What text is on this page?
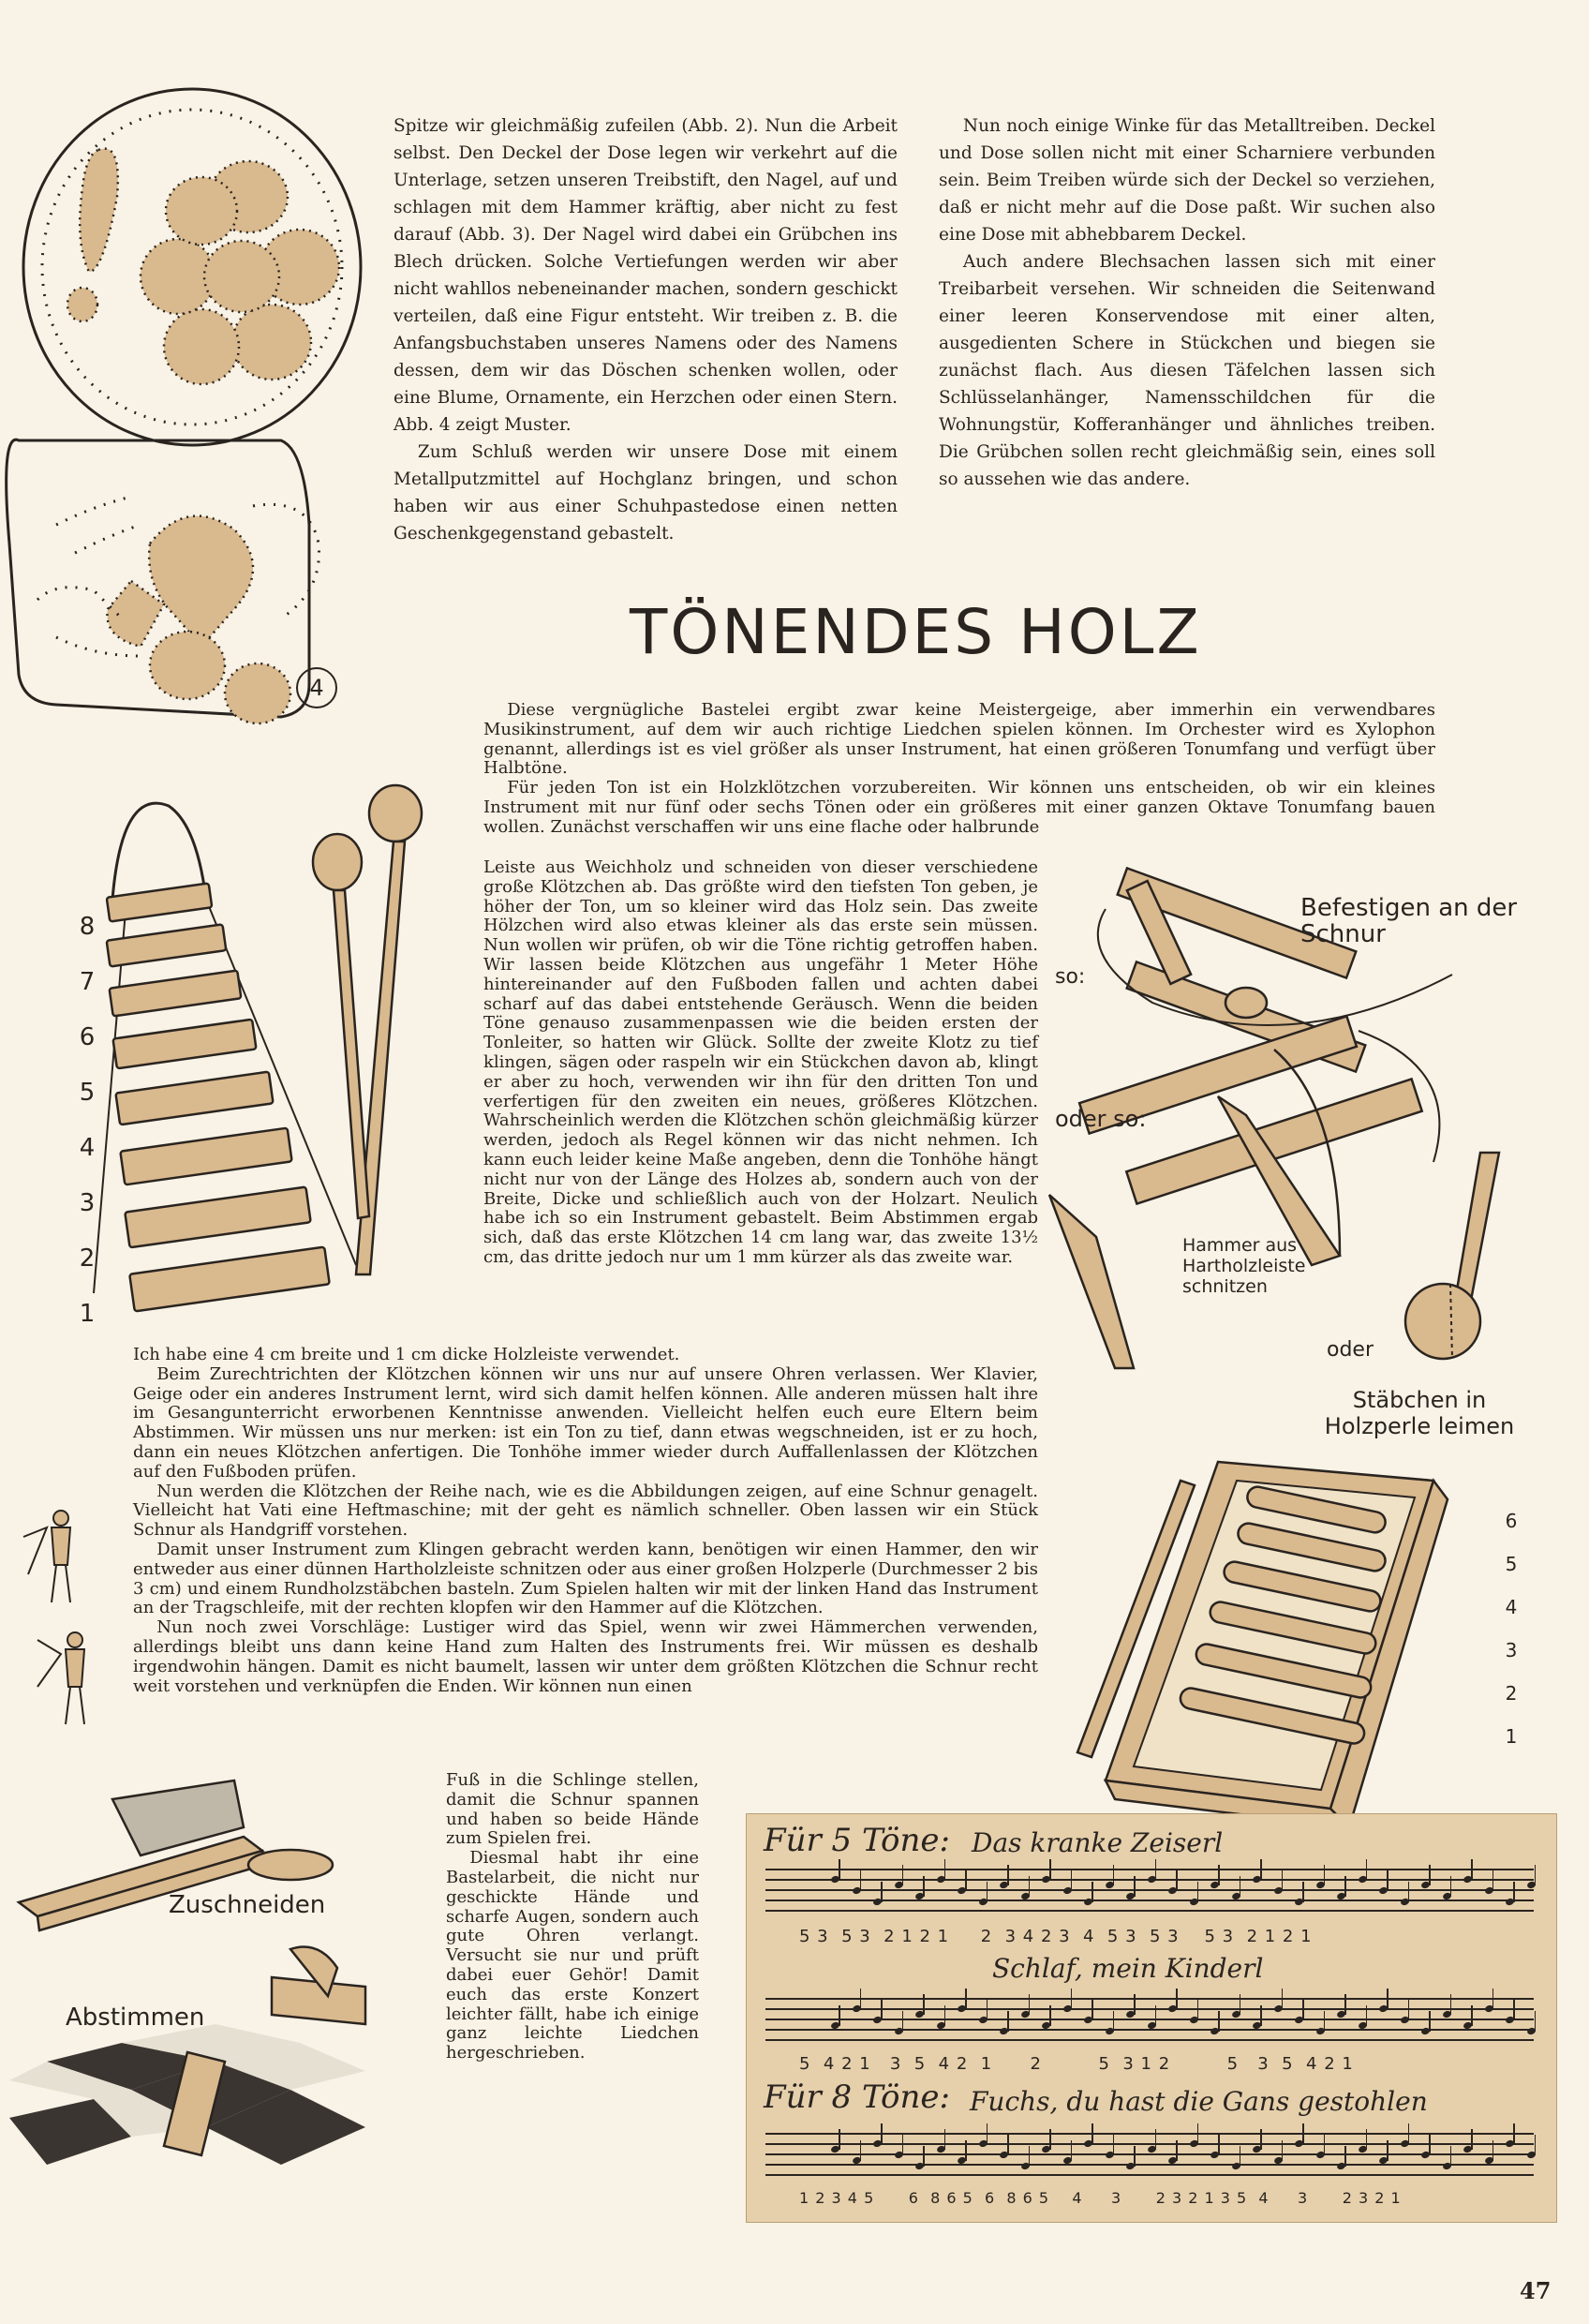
4

Spitze wir gleichmäßig zufeilen (Abb. 2). Nun die Arbeit selbst. Den Deckel der Dose legen wir verkehrt auf die Unterlage, setzen unseren Treibstift, den Nagel, auf und schlagen mit dem Hammer kräftig, aber nicht zu fest darauf (Abb. 3). Der Nagel wird dabei ein Grübchen ins Blech drücken. Solche Vertiefungen werden wir aber nicht wahllos nebeneinander machen, sondern geschickt verteilen, daß eine Figur entsteht. Wir treiben z. B. die Anfangsbuchstaben unseres Namens oder des Namens dessen, dem wir das Döschen schenken wollen, oder eine Blume, Ornamente, ein Herzchen oder einen Stern. Abb. 4 zeigt Muster.

Zum Schluß werden wir unsere Dose mit einem Metallputzmittel auf Hochglanz bringen, und schon haben wir aus einer Schuhpastedose einen netten Geschenkgegenstand gebastelt.

Nun noch einige Winke für das Metalltreiben. Deckel und Dose sollen nicht mit einer Scharniere verbunden sein. Beim Treiben würde sich der Deckel so verziehen, daß er nicht mehr auf die Dose paßt. Wir suchen also eine Dose mit abhebbarem Deckel.

Auch andere Blechsachen lassen sich mit einer Treibarbeit versehen. Wir schneiden die Seitenwand einer leeren Konservendose mit einer alten, ausgedienten Schere in Stückchen und biegen sie zunächst flach. Aus diesen Täfelchen lassen sich Schlüsselanhänger, Namensschildchen für die Wohnungstür, Kofferanhänger und ähnliches treiben. Die Grübchen sollen recht gleichmäßig sein, eines soll so aussehen wie das andere.

TÖNENDES HOLZ

Diese vergnügliche Bastelei ergibt zwar keine Meistergeige, aber immerhin ein verwendbares Musikinstrument, auf dem wir auch richtige Liedchen spielen können. Im Orchester wird es Xylophon genannt, allerdings ist es viel größer als unser Instrument, hat einen größeren Tonumfang und verfügt über Halbtöne.

Für jeden Ton ist ein Holzklötzchen vorzubereiten. Wir können uns entscheiden, ob wir ein kleines Instrument mit nur fünf oder sechs Tönen oder ein größeres mit einer ganzen Oktave Tonumfang bauen wollen. Zunächst verschaffen wir uns eine flache oder halbrunde

Leiste aus Weichholz und schneiden von dieser verschiedene große Klötzchen ab. Das größte wird den tiefsten Ton geben, je höher der Ton, um so kleiner wird das Holz sein. Das zweite Hölzchen wird also etwas kleiner als das erste sein müssen. Nun wollen wir prüfen, ob wir die Töne richtig getroffen haben. Wir lassen beide Klötzchen aus ungefähr 1 Meter Höhe hintereinander auf den Fußboden fallen und achten dabei scharf auf das dabei entstehende Geräusch. Wenn die beiden Töne genauso zusammenpassen wie die beiden ersten der Tonleiter, so hatten wir Glück. Sollte der zweite Klotz zu tief klingen, sägen oder raspeln wir ein Stückchen davon ab, klingt er aber zu hoch, verwenden wir ihn für den dritten Ton und verfertigen für den zweiten ein neues, größeres Klötzchen. Wahrscheinlich werden die Klötzchen schön gleichmäßig kürzer werden, jedoch als Regel können wir das nicht nehmen. Ich kann euch leider keine Maße angeben, denn die Tonhöhe hängt nicht nur von der Länge des Holzes ab, sondern auch von der Breite, Dicke und schließlich auch von der Holzart. Neulich habe ich so ein Instrument gebastelt. Beim Abstimmen ergab sich, daß das erste Klötzchen 14 cm lang war, das zweite 13½ cm, das dritte jedoch nur um 1 mm kürzer als das zweite war.

Ich habe eine 4 cm breite und 1 cm dicke Holzleiste verwendet.

Beim Zurechtrichten der Klötzchen können wir uns nur auf unsere Ohren verlassen. Wer Klavier, Geige oder ein anderes Instrument lernt, wird sich damit helfen können. Alle anderen müssen halt ihre im Gesangunterricht erworbenen Kenntnisse anwenden. Vielleicht helfen euch eure Eltern beim Abstimmen. Wir müssen uns nur merken: ist ein Ton zu tief, dann etwas wegschneiden, ist er zu hoch, dann ein neues Klötzchen anfertigen. Die Tonhöhe immer wieder durch Auffallenlassen der Klötzchen auf den Fußboden prüfen.

Nun werden die Klötzchen der Reihe nach, wie es die Abbildungen zeigen, auf eine Schnur genagelt. Vielleicht hat Vati eine Heftmaschine; mit der geht es nämlich schneller. Oben lassen wir ein Stück Schnur als Handgriff vorstehen.

Damit unser Instrument zum Klingen gebracht werden kann, benötigen wir einen Hammer, den wir entweder aus einer dünnen Hartholzleiste schnitzen oder aus einer großen Holzperle (Durchmesser 2 bis 3 cm) und einem Rundholzstäbchen basteln. Zum Spielen halten wir mit der linken Hand das Instrument an der Tragschleife, mit der rechten klopfen wir den Hammer auf die Klötzchen.

Nun noch zwei Vorschläge: Lustiger wird das Spiel, wenn wir zwei Hämmerchen verwenden, allerdings bleibt uns dann keine Hand zum Halten des Instruments frei. Wir müssen es deshalb irgendwohin hängen. Damit es nicht baumelt, lassen wir unter dem größten Klötzchen die Schnur recht weit vorstehen und verknüpfen die Enden. Wir können nun einen

Fuß in die Schlinge stellen, damit die Schnur spannen und haben so beide Hände zum Spielen frei.

Diesmal habt ihr eine Bastelarbeit, die nicht nur geschickte Hände und scharfe Augen, sondern auch gute Ohren verlangt. Versucht sie nur und prüft dabei euer Gehör! Damit euch das erste Konzert leichter fällt, habe ich einige ganz leichte Liedchen hergeschrieben.

8
7
6
5
4
3
2
1
Befestigen an der Schnur
so:
oder so:
Hammer aus Hartholzleiste schnitzen
oder
Stäbchen in Holzperle leimen
6
5
4
3
2
1
Zuschneiden
Abstimmen
Für 5 Töne: Das kranke Zeiserl
5 3  5 3  2 1 2 1     2  3 4 2 3  4  5 3  5 3    5 3  2 1 2 1
Schlaf, mein Kinderl
5  4 2 1   3  5  4 2  1      2         5  3 1 2         5   3  5  4 2 1
Für 8 Töne: Fuchs, du hast die Gans gestohlen
1 2 3 4 5      6  8 6 5  6  8 6 5    4     3      2 3 2 1 3 5  4     3      2 3 2 1
47
